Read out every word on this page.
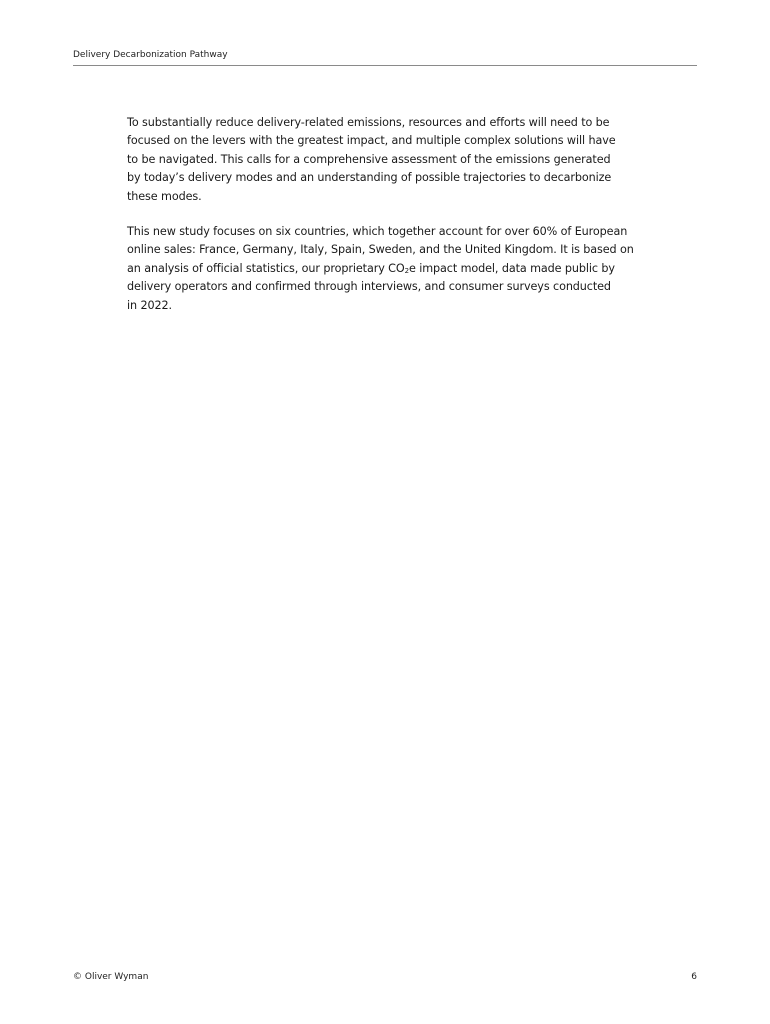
Delivery Decarbonization Pathway

To substantially reduce delivery-related emissions, resources and efforts will need to be
focused on the levers with the greatest impact, and multiple complex solutions will have
to be navigated. This calls for a comprehensive assessment of the emissions generated
by today’s delivery modes and an understanding of possible trajectories to decarbonize
these modes.

This new study focuses on six countries, which together account for over 60% of European
online sales: France, Germany, Italy, Spain, Sweden, and the United Kingdom. It is based on
an analysis of official statistics, our proprietary $CO_2e$ impact model, data made public by
delivery operators and confirmed through interviews, and consumer surveys conducted
in 2022.

© Oliver Wyman	6
